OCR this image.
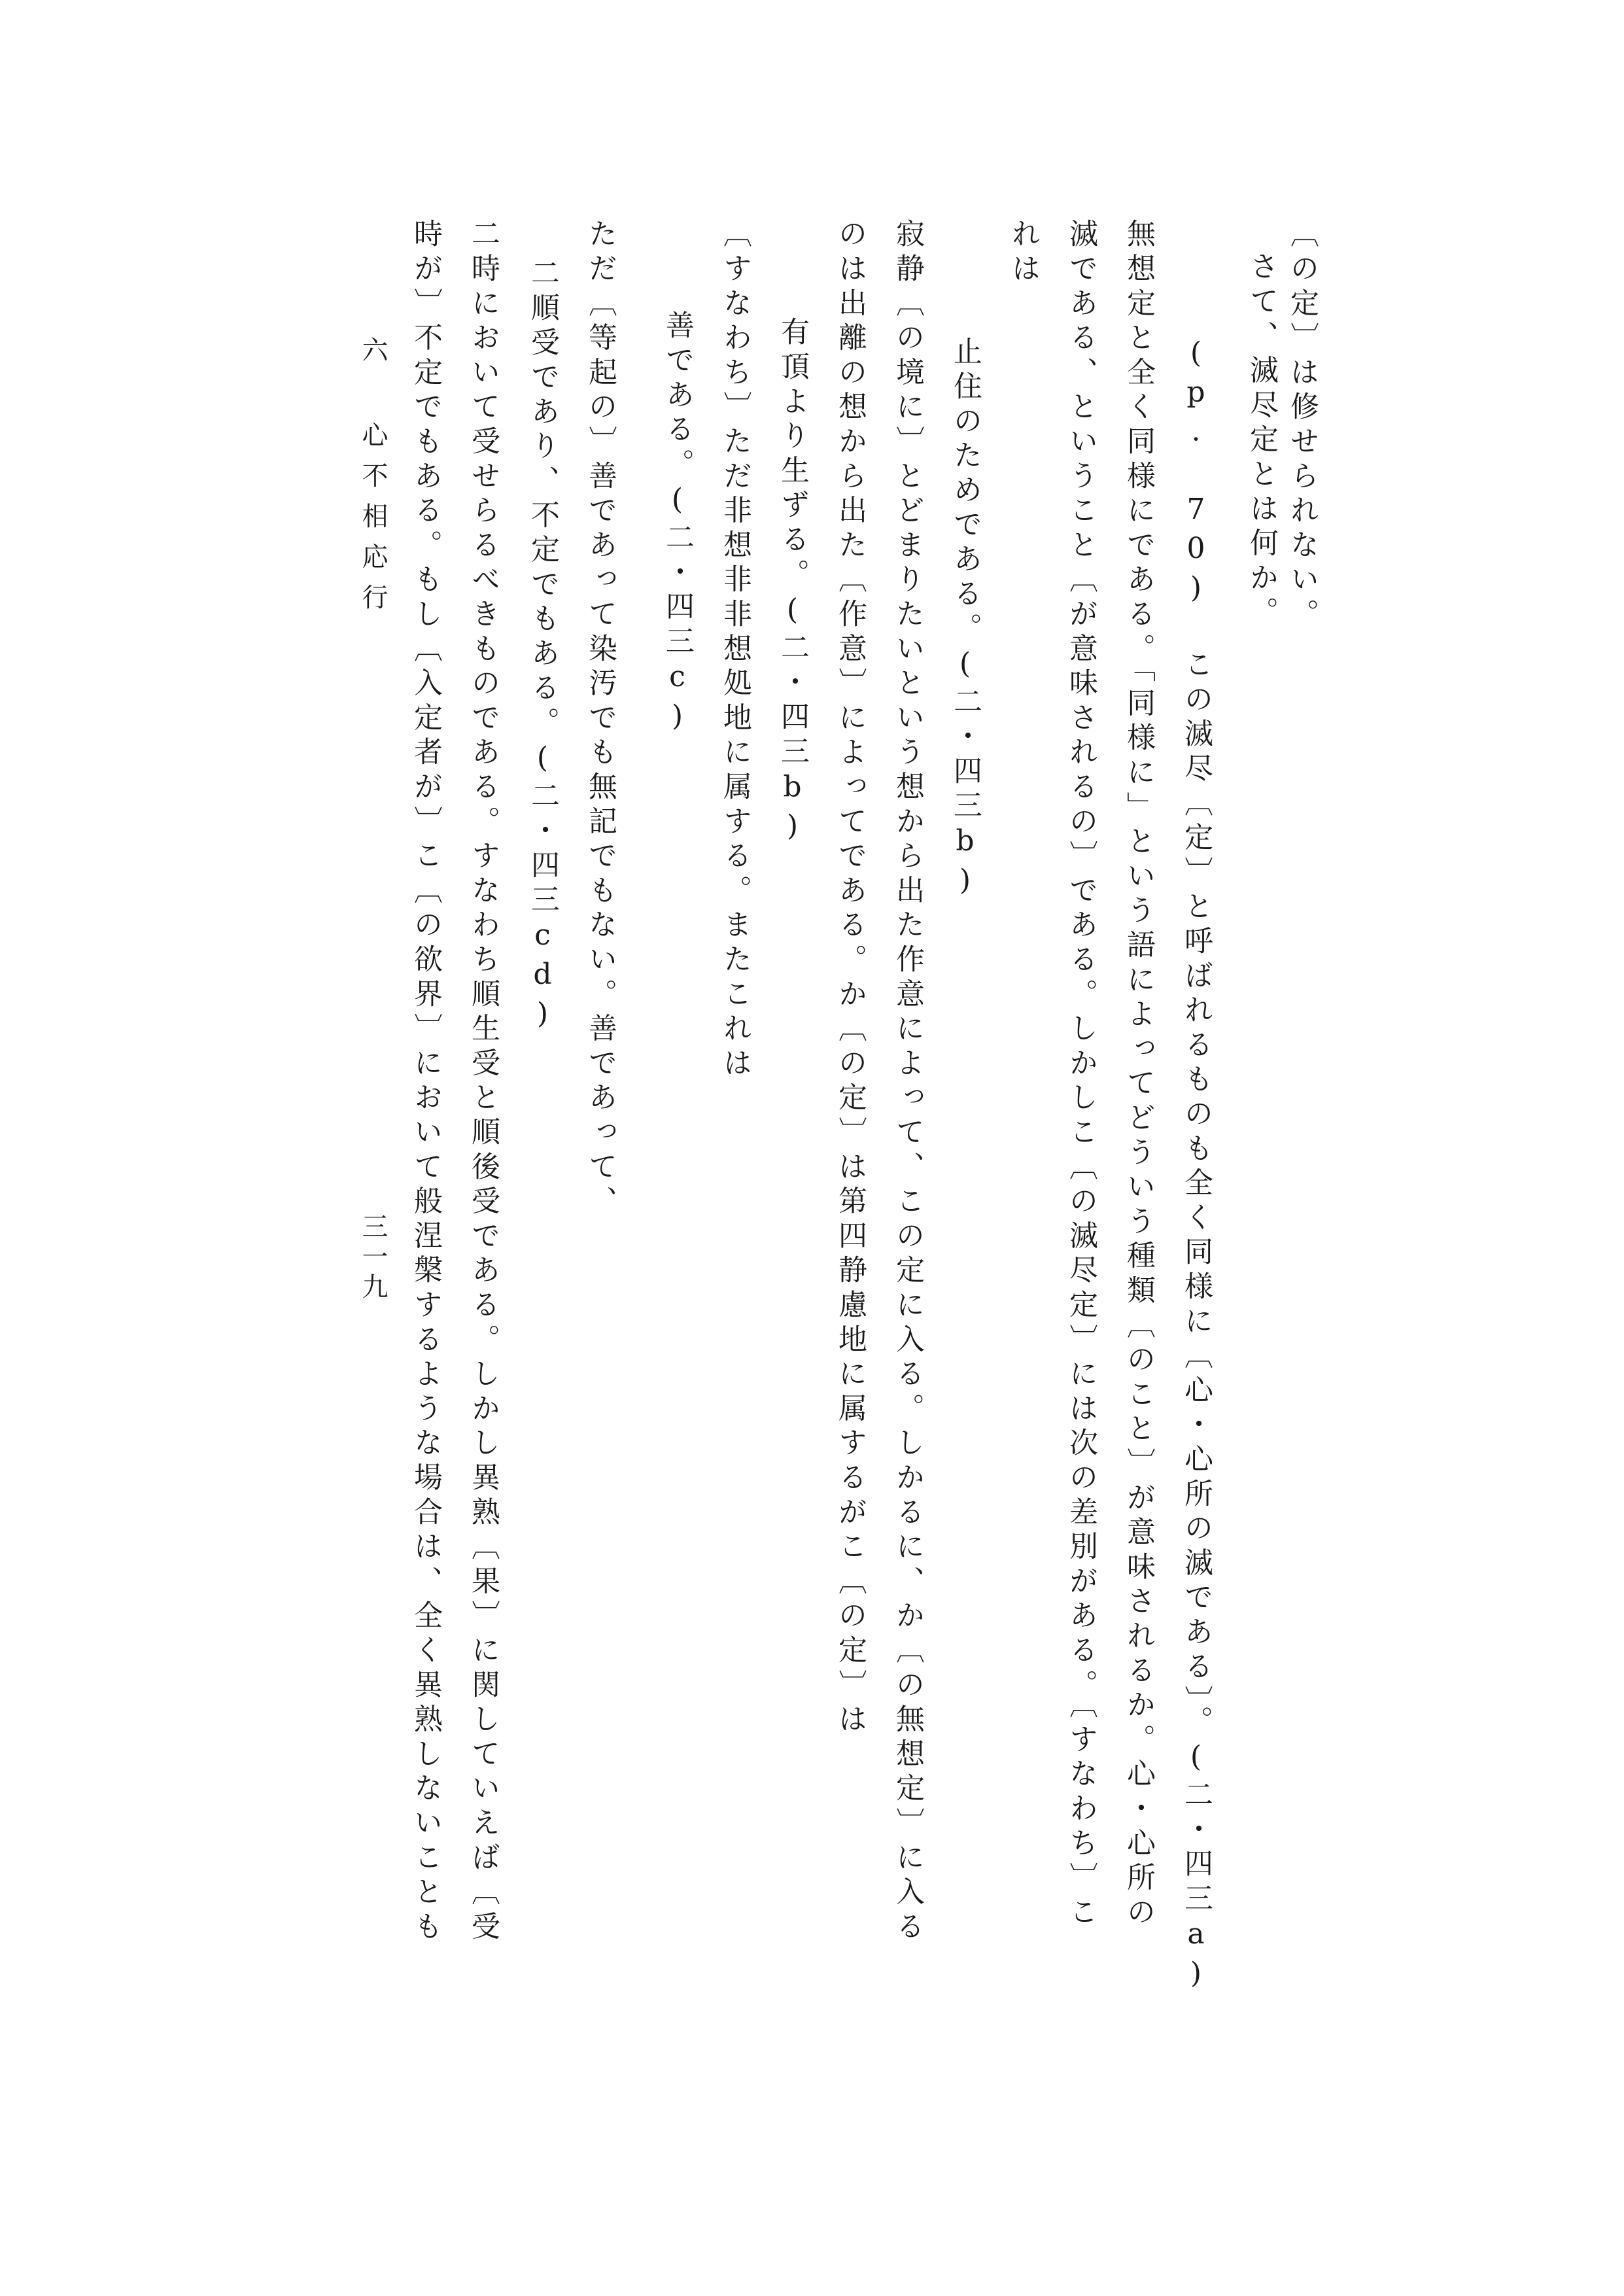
〔の定〕は修せられない。
さて、滅尽定とは何か。
(p. 70) この滅尽〔定〕と呼ばれるものも全く同様に〔心・心所の滅である〕。(二・四三a)
無想定と全く同様にである。「同様に」という語によってどういう種類〔のこと〕が意味されるか。心・心所の
滅である、ということ〔が意味されるの〕である。しかしこ〔の滅尽定〕には次の差別がある。〔すなわち〕こ
れは
止住のためである。(二・四三b)
寂静〔の境に〕とどまりたいという想から出た作意によって、この定に入る。しかるに、か〔の無想定〕に入る
のは出離の想から出た〔作意〕によってである。か〔の定〕は第四静慮地に属するがこ〔の定〕は
有頂より生ずる。(二・四三b)
〔すなわち〕ただ非想非非想処地に属する。またこれは
善である。(二・四三c)
ただ〔等起の〕善であって染汚でも無記でもない。善であって、
二順受であり、不定でもある。(二・四三cd)
二時において受せらるべきものである。すなわち順生受と順後受である。しかし異熟〔果〕に関していえば〔受
時が〕不定でもある。もし〔入定者が〕こ〔の欲界〕において般涅槃するような場合は、全く異熟しないことも
六 心不相応行
三一九
